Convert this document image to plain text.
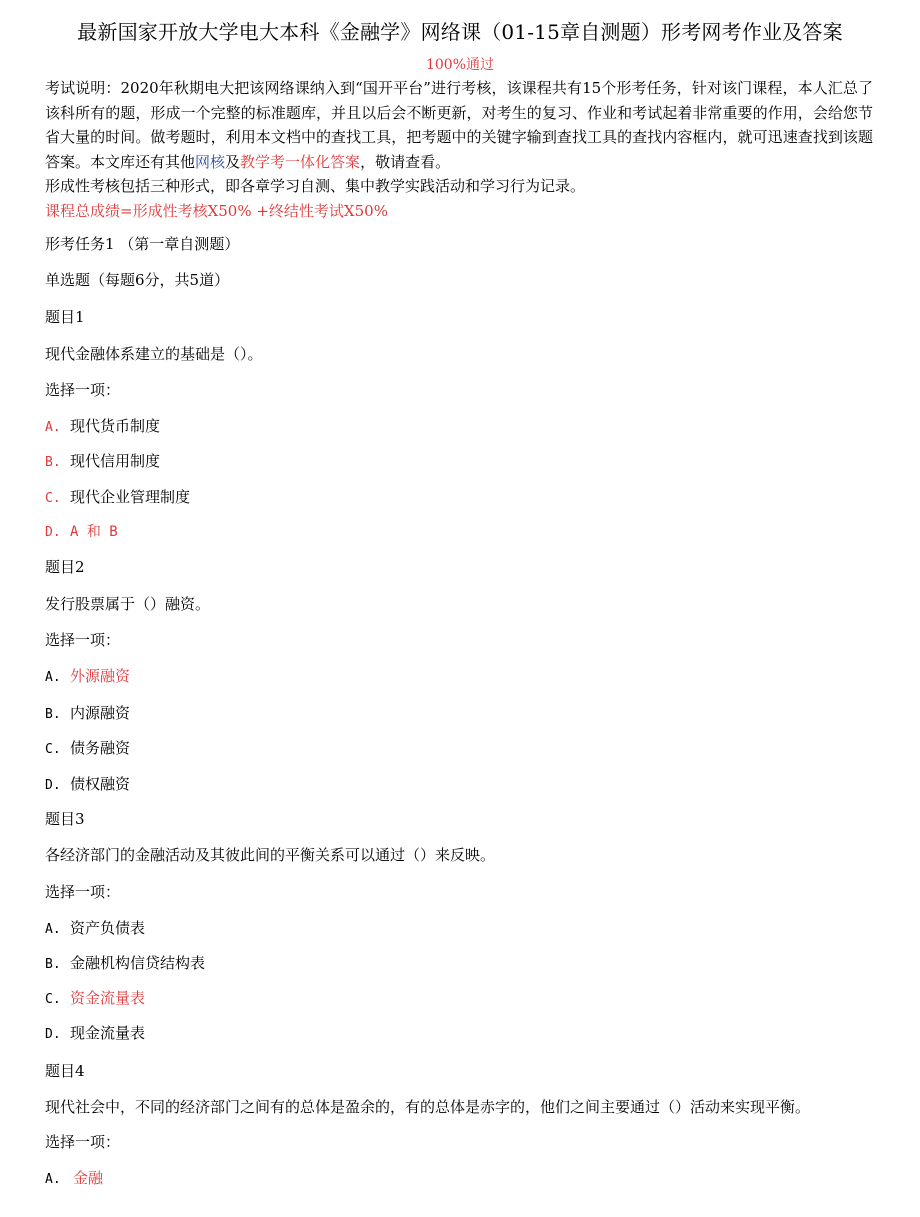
最新国家开放大学电大本科《金融学》网络课（01-15章自测题）形考网考作业及答案
100%通过

考试说明：2020年秋期电大把该网络课纳入到“国开平台”进行考核，该课程共有15个形考任务，针对该门课程，本人汇总了该科所有的题，形成一个完整的标准题库，并且以后会不断更新，对考生的复习、作业和考试起着非常重要的作用，会给您节省大量的时间。做考题时，利用本文档中的查找工具，把考题中的关键字输到查找工具的查找内容框内，就可迅速查找到该题答案。本文库还有其他网核及教学考一体化答案，敬请查看。

形成性考核包括三种形式，即各章学习自测、集中教学实践活动和学习行为记录。

课程总成绩=形成性考核X50% +终结性考试X50%

形考任务1 （第一章自测题）
单选题（每题6分，共5道）
题目1
现代金融体系建立的基础是（）。
选择一项：
A. 现代货币制度
B. 现代信用制度
C. 现代企业管理制度
D. A 和 B
题目2
发行股票属于（）融资。
选择一项：
A. 外源融资
B. 内源融资
C. 债务融资
D. 债权融资
题目3
各经济部门的金融活动及其彼此间的平衡关系可以通过（）来反映。
选择一项：
A. 资产负债表
B. 金融机构信贷结构表
C. 资金流量表
D. 现金流量表
题目4
现代社会中，不同的经济部门之间有的总体是盈余的，有的总体是赤字的，他们之间主要通过（）活动来实现平衡。
选择一项：
A. 金融
